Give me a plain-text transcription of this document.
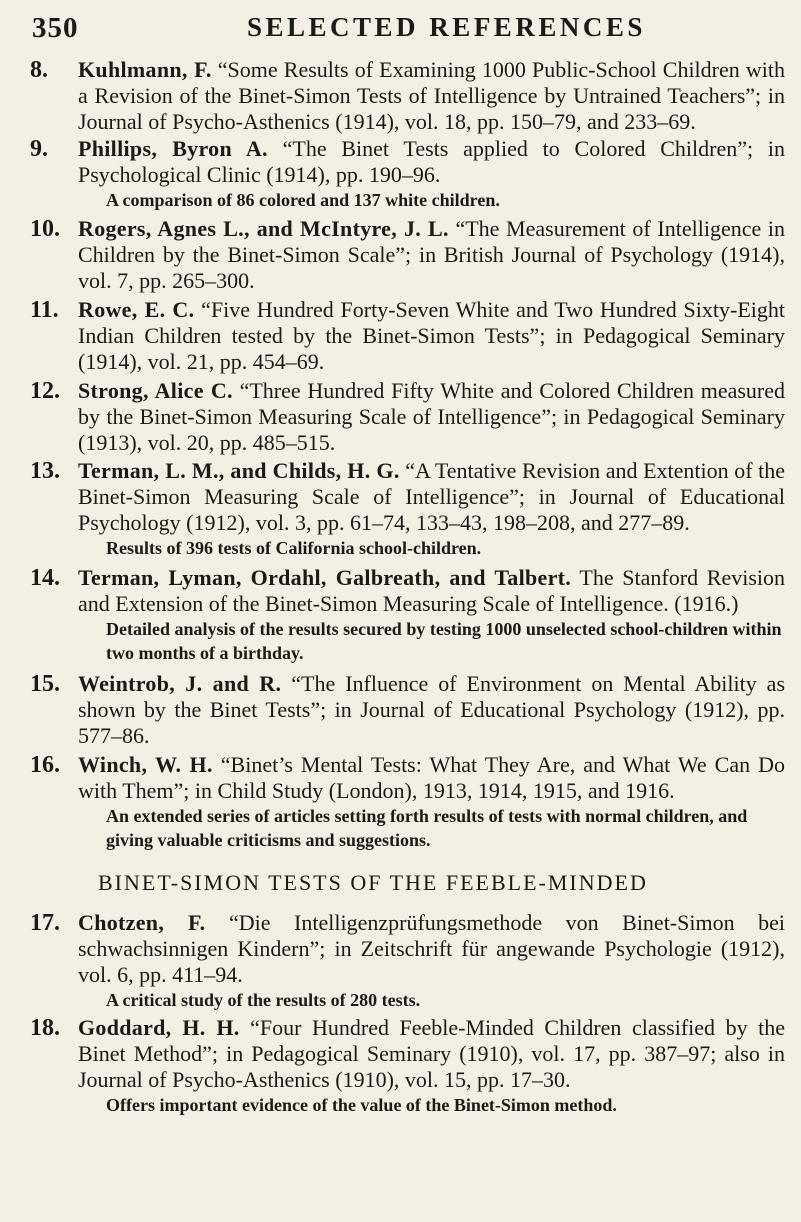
350	SELECTED REFERENCES
8. Kuhlmann, F. “Some Results of Examining 1000 Public-School Children with a Revision of the Binet-Simon Tests of Intelligence by Untrained Teachers”; in Journal of Psycho-Asthenics (1914), vol. 18, pp. 150–79, and 233–69.

9. Phillips, Byron A. “The Binet Tests applied to Colored Children”; in Psychological Clinic (1914), pp. 190–96.

A comparison of 86 colored and 137 white children.

10. Rogers, Agnes L., and McIntyre, J. L. “The Measurement of Intelligence in Children by the Binet-Simon Scale”; in British Journal of Psychology (1914), vol. 7, pp. 265–300.

11. Rowe, E. C. “Five Hundred Forty-Seven White and Two Hundred Sixty-Eight Indian Children tested by the Binet-Simon Tests”; in Pedagogical Seminary (1914), vol. 21, pp. 454–69.

12. Strong, Alice C. “Three Hundred Fifty White and Colored Children measured by the Binet-Simon Measuring Scale of Intelligence”; in Pedagogical Seminary (1913), vol. 20, pp. 485–515.

13. Terman, L. M., and Childs, H. G. “A Tentative Revision and Extention of the Binet-Simon Measuring Scale of Intelligence”; in Journal of Educational Psychology (1912), vol. 3, pp. 61–74, 133–43, 198–208, and 277–89.

Results of 396 tests of California school-children.

14. Terman, Lyman, Ordahl, Galbreath, and Talbert. The Stanford Revision and Extension of the Binet-Simon Measuring Scale of Intelligence. (1916.)

Detailed analysis of the results secured by testing 1000 unselected school-children within two months of a birthday.

15. Weintrob, J. and R. “The Influence of Environment on Mental Ability as shown by the Binet Tests”; in Journal of Educational Psychology (1912), pp. 577–86.

16. Winch, W. H. “Binet’s Mental Tests: What They Are, and What We Can Do with Them”; in Child Study (London), 1913, 1914, 1915, and 1916.

An extended series of articles setting forth results of tests with normal children, and giving valuable criticisms and suggestions.

BINET-SIMON TESTS OF THE FEEBLE-MINDED
17. Chotzen, F. “Die Intelligenzprüfungsmethode von Binet-Simon bei schwachsinnigen Kindern”; in Zeitschrift für angewande Psychologie (1912), vol. 6, pp. 411–94.

A critical study of the results of 280 tests.

18. Goddard, H. H. “Four Hundred Feeble-Minded Children classified by the Binet Method”; in Pedagogical Seminary (1910), vol. 17, pp. 387–97; also in Journal of Psycho-Asthenics (1910), vol. 15, pp. 17–30.

Offers important evidence of the value of the Binet-Simon method.
